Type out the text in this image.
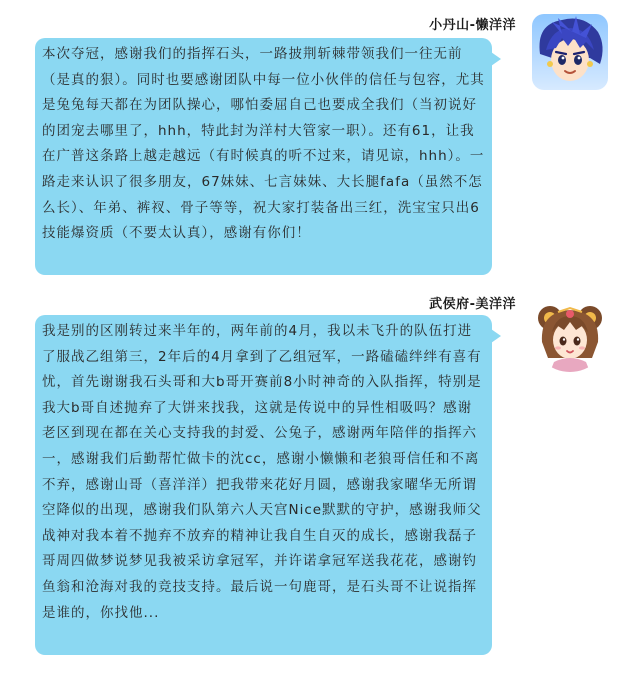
小丹山-懒洋洋
本次夺冠，感谢我们的指挥石头，一路披荆斩棘带领我们一往无前（是真的狠）。同时也要感谢团队中每一位小伙伴的信任与包容，尤其是兔兔每天都在为团队操心，哪怕委屈自己也要成全我们（当初说好的团宠去哪里了，hhh，特此封为洋村大管家一职）。还有61，让我在广普这条路上越走越远（有时候真的听不过来，请见谅，hhh）。一路走来认识了很多朋友，67妹妹、七言妹妹、大长腿fafa（虽然不怎么长）、年弟、裤衩、骨子等等，祝大家打装备出三红，洗宝宝只出6技能爆资质（不要太认真），感谢有你们！
武侯府-美洋洋
我是别的区刚转过来半年的，两年前的4月，我以未飞升的队伍打进了服战乙组第三，2年后的4月拿到了乙组冠军，一路磕磕绊绊有喜有忧，首先谢谢我石头哥和大b哥开赛前8小时神奇的入队指挥，特别是我大b哥自述抛弃了大饼来找我，这就是传说中的异性相吸吗？感谢老区到现在都在关心支持我的封爱、公兔子，感谢两年陪伴的指挥六一，感谢我们后勤帮忙做卡的沈cc，感谢小懒懒和老狼哥信任和不离不弃，感谢山哥（喜洋洋）把我带来花好月圆，感谢我家曜华无所谓空降似的出现，感谢我们队第六人天宫Nice默默的守护，感谢我师父战神对我本着不抛弃不放弃的精神让我自生自灭的成长，感谢我磊子哥周四做梦说梦见我被采访拿冠军，并许诺拿冠军送我花花，感谢钓鱼翁和沧海对我的竞技支持。最后说一句鹿哥，是石头哥不让说指挥是谁的，你找他...
